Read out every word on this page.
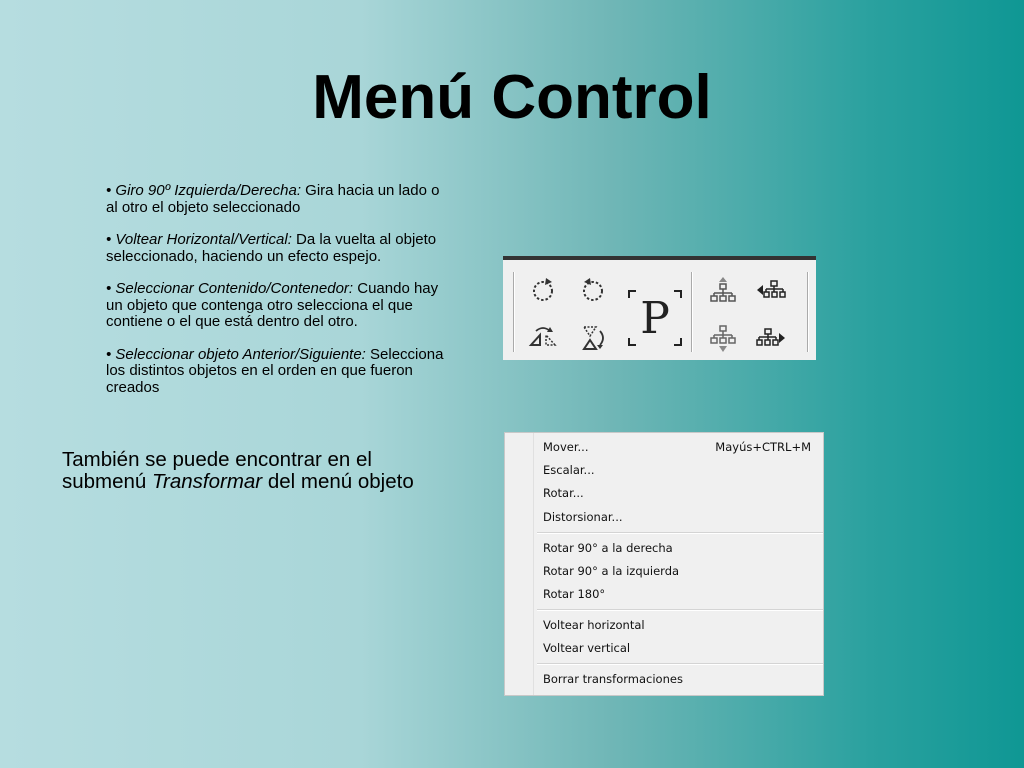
Menú Control
• Giro 90º Izquierda/Derecha: Gira hacia un lado o al otro el objeto seleccionado
• Voltear Horizontal/Vertical: Da la vuelta al objeto seleccionado, haciendo un efecto espejo.
• Seleccionar Contenido/Contenedor: Cuando hay un objeto que contenga otro selecciona el que contiene o el que está dentro del otro.
• Seleccionar objeto Anterior/Siguiente: Selecciona los distintos objetos en el orden en que fueron creados
También se puede encontrar en el submenú Transformar del menú objeto
P
Mover...	Mayús+CTRL+M
Escalar...
Rotar...
Distorsionar...
Rotar 90° a la derecha
Rotar 90° a la izquierda
Rotar 180°
Voltear horizontal
Voltear vertical
Borrar transformaciones
